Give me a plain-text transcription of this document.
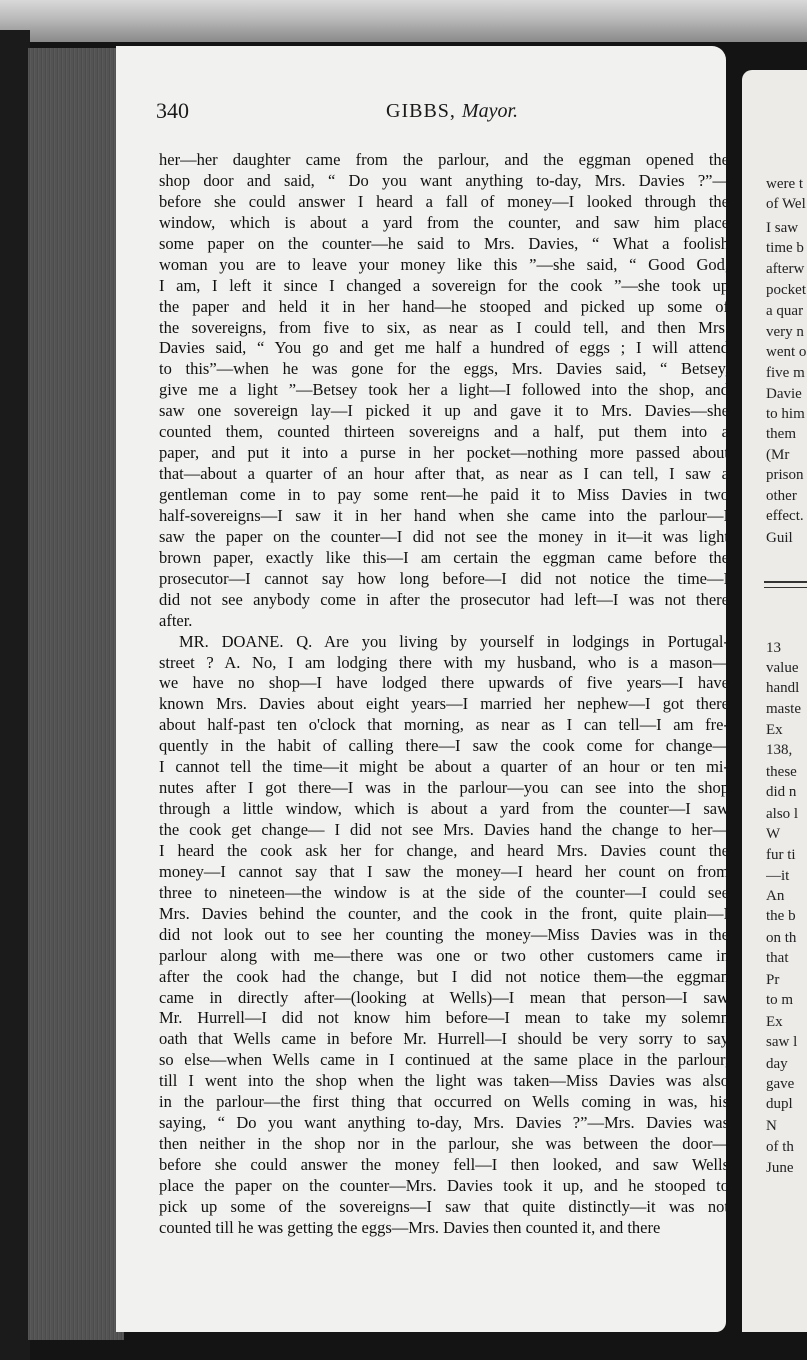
340	GIBBS, Mayor.
her—her daughter came from the parlour, and the eggman opened the
shop door and said, “ Do you want anything to-day, Mrs. Davies ?”—
before she could answer I heard a fall of money—I looked through the
window, which is about a yard from the counter, and saw him place
some paper on the counter—he said to Mrs. Davies, “ What a foolish
woman you are to leave your money like this ”—she said, “ Good God,
I am, I left it since I changed a sovereign for the cook ”—she took up
the paper and held it in her hand—he stooped and picked up some of
the sovereigns, from five to six, as near as I could tell, and then Mrs.
Davies said, “ You go and get me half a hundred of eggs ; I will attend
to this”—when he was gone for the eggs, Mrs. Davies said, “ Betsey,
give me a light ”—Betsey took her a light—I followed into the shop, and
saw one sovereign lay—I picked it up and gave it to Mrs. Davies—she
counted them, counted thirteen sovereigns and a half, put them into a
paper, and put it into a purse in her pocket—nothing more passed about
that—about a quarter of an hour after that, as near as I can tell, I saw a
gentleman come in to pay some rent—he paid it to Miss Davies in two
half-sovereigns—I saw it in her hand when she came into the parlour—I
saw the paper on the counter—I did not see the money in it—it was light
brown paper, exactly like this—I am certain the eggman came before the
prosecutor—I cannot say how long before—I did not notice the time—I
did not see anybody come in after the prosecutor had left—I was not there
after.
MR. DOANE. Q. Are you living by yourself in lodgings in Portugal-
street ? A. No, I am lodging there with my husband, who is a mason—
we have no shop—I have lodged there upwards of five years—I have
known Mrs. Davies about eight years—I married her nephew—I got there
about half-past ten o'clock that morning, as near as I can tell—I am fre-
quently in the habit of calling there—I saw the cook come for change—
I cannot tell the time—it might be about a quarter of an hour or ten mi-
nutes after I got there—I was in the parlour—you can see into the shop
through a little window, which is about a yard from the counter—I saw
the cook get change— I did not see Mrs. Davies hand the change to her—
I heard the cook ask her for change, and heard Mrs. Davies count the
money—I cannot say that I saw the money—I heard her count on from
three to nineteen—the window is at the side of the counter—I could see
Mrs. Davies behind the counter, and the cook in the front, quite plain—I
did not look out to see her counting the money—Miss Davies was in the
parlour along with me—there was one or two other customers came in
after the cook had the change, but I did not notice them—the eggman
came in directly after—(looking at Wells)—I mean that person—I saw
Mr. Hurrell—I did not know him before—I mean to take my solemn
oath that Wells came in before Mr. Hurrell—I should be very sorry to say
so else—when Wells came in I continued at the same place in the parlour,
till I went into the shop when the light was taken—Miss Davies was also
in the parlour—the first thing that occurred on Wells coming in was, his
saying, “ Do you want anything to-day, Mrs. Davies ?”—Mrs. Davies was
then neither in the shop nor in the parlour, she was between the door—
before she could answer the money fell—I then looked, and saw Wells
place the paper on the counter—Mrs. Davies took it up, and he stooped to
pick up some of the sovereigns—I saw that quite distinctly—it was not
counted till he was getting the eggs—Mrs. Davies then counted it, and there
were t
of Wel
I saw
time b
afterw
pocket
a quar
very n
went o
five m
Davie
to him
them
(Mr
prison
other
effect.
Guil
13
value
handl
maste
Ex
138,
these
did n
also l
W
fur ti
—it
An
the b
on th
that
Pr
to m
Ex
saw l
day
gave
dupl
N
of th
June
